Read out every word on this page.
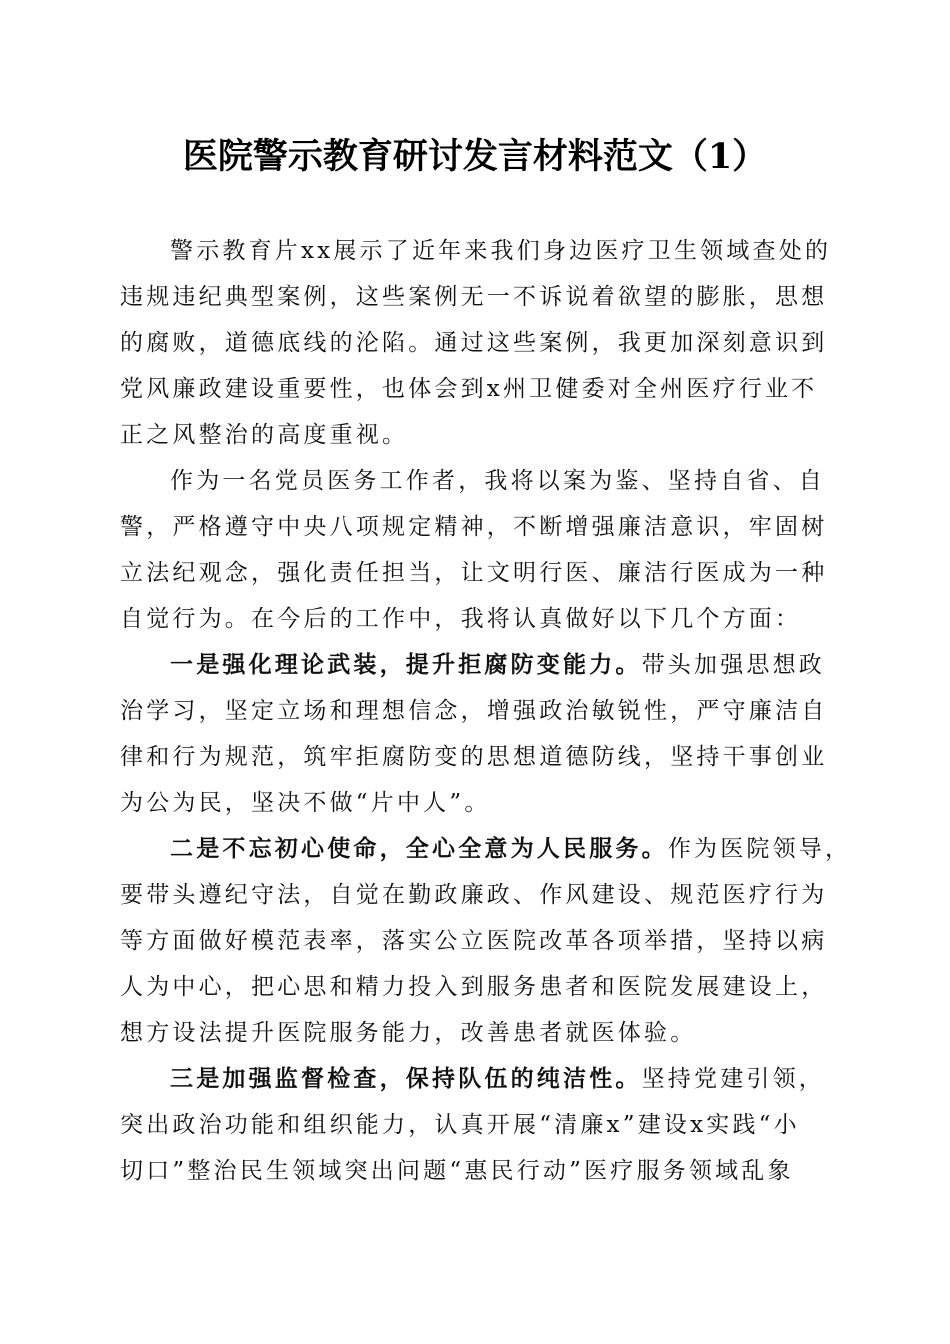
医院警示教育研讨发言材料范文（1）
警示教育片xx展示了近年来我们身边医疗卫生领域查处的
违规违纪典型案例，这些案例无一不诉说着欲望的膨胀，思想
的腐败，道德底线的沦陷。通过这些案例，我更加深刻意识到
党风廉政建设重要性，也体会到x州卫健委对全州医疗行业不
正之风整治的高度重视。
作为一名党员医务工作者，我将以案为鉴、坚持自省、自
警，严格遵守中央八项规定精神，不断增强廉洁意识，牢固树
立法纪观念，强化责任担当，让文明行医、廉洁行医成为一种
自觉行为。在今后的工作中，我将认真做好以下几个方面：
一是强化理论武装，提升拒腐防变能力。带头加强思想政
治学习，坚定立场和理想信念，增强政治敏锐性，严守廉洁自
律和行为规范，筑牢拒腐防变的思想道德防线，坚持干事创业
为公为民，坚决不做“片中人”。
二是不忘初心使命，全心全意为人民服务。作为医院领导，
要带头遵纪守法，自觉在勤政廉政、作风建设、规范医疗行为
等方面做好模范表率，落实公立医院改革各项举措，坚持以病
人为中心，把心思和精力投入到服务患者和医院发展建设上，
想方设法提升医院服务能力，改善患者就医体验。
三是加强监督检查，保持队伍的纯洁性。坚持党建引领，
突出政治功能和组织能力，认真开展“清廉x”建设x实践“小
切口”整治民生领域突出问题“惠民行动”医疗服务领域乱象
